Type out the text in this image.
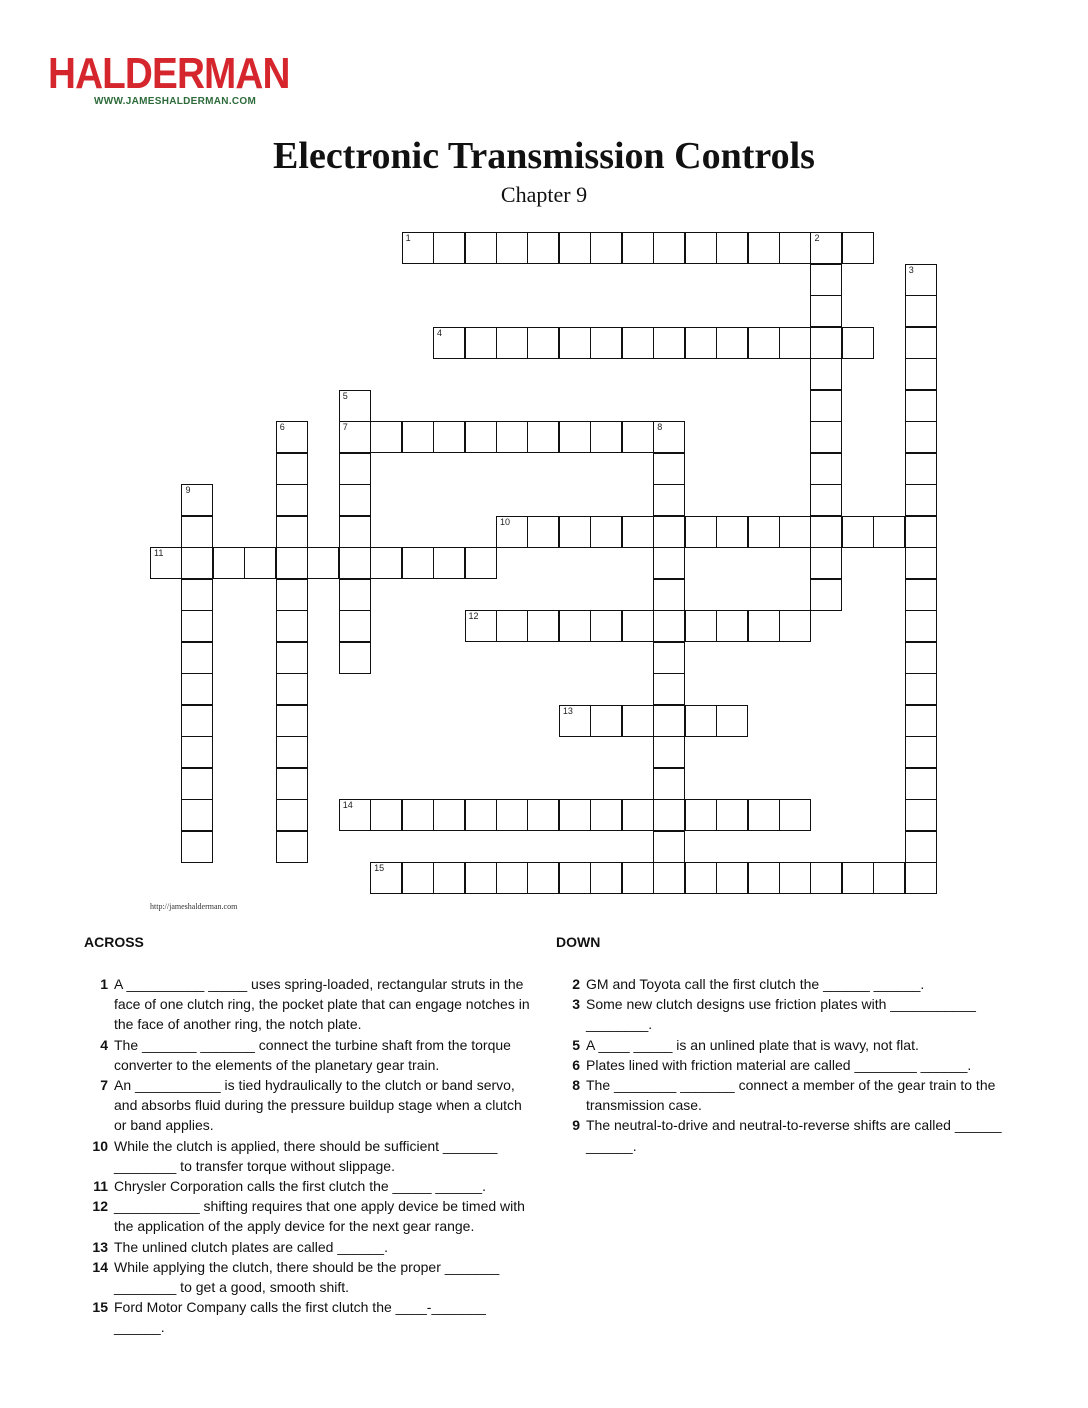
HALDERMAN
WWW.JAMESHALDERMAN.COM
Electronic Transmission Controls
Chapter 9
1	2
3
4
5
7
6	8
9
10
11
12
13
14
15
http://jameshalderman.com
ACROSS
1 A __________ _____ uses spring-loaded, rectangular struts in the face of one clutch ring, the pocket plate that can engage notches in the face of another ring, the notch plate.
4 The _______ _______ connect the turbine shaft from the torque converter to the elements of the planetary gear train.
7 An ___________ is tied hydraulically to the clutch or band servo, and absorbs fluid during the pressure buildup stage when a clutch or band applies.
10 While the clutch is applied, there should be sufficient _______ ________ to transfer torque without slippage.
11 Chrysler Corporation calls the first clutch the _____ ______.
12 ___________ shifting requires that one apply device be timed with the application of the apply device for the next gear range.
13 The unlined clutch plates are called ______.
14 While applying the clutch, there should be the proper _______ ________ to get a good, smooth shift.
15 Ford Motor Company calls the first clutch the ____-_______ ______.
DOWN
2 GM and Toyota call the first clutch the ______ ______.
3 Some new clutch designs use friction plates with ___________ ________.
5 A ____ _____ is an unlined plate that is wavy, not flat.
6 Plates lined with friction material are called ________ ______.
8 The ________ _______ connect a member of the gear train to the transmission case.
9 The neutral-to-drive and neutral-to-reverse shifts are called ______ ______.
